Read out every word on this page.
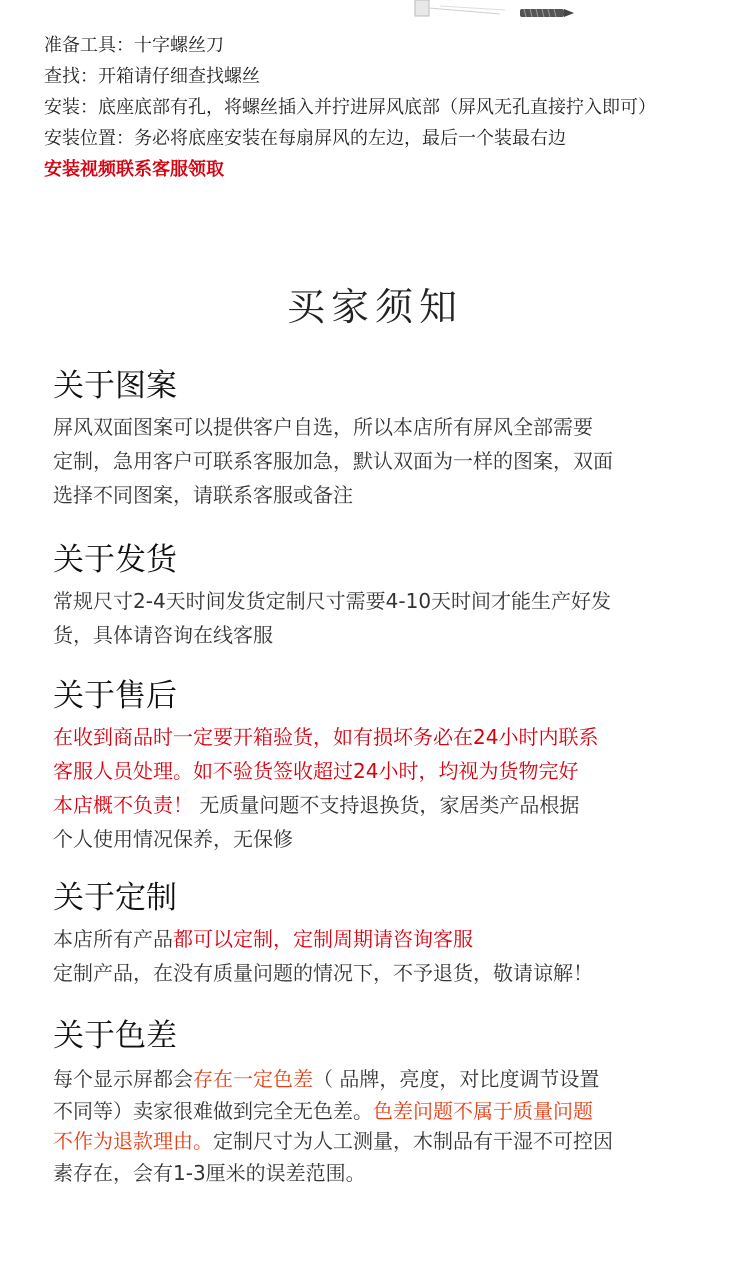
准备工具：十字螺丝刀
查找：开箱请仔细查找螺丝
安装：底座底部有孔，将螺丝插入并拧进屏风底部（屏风无孔直接拧入即可）
安装位置：务必将底座安装在每扇屏风的左边，最后一个装最右边
安装视频联系客服领取
买家须知
关于图案

屏风双面图案可以提供客户自选，所以本店所有屏风全部需要

定制，急用客户可联系客服加急，默认双面为一样的图案，双面

选择不同图案，请联系客服或备注

关于发货

常规尺寸2-4天时间发货定制尺寸需要4-10天时间才能生产好发

货，具体请咨询在线客服

关于售后

在收到商品时一定要开箱验货，如有损坏务必在24小时内联系

客服人员处理。如不验货签收超过24小时，均视为货物完好

本店概不负责！ 无质量问题不支持退换货，家居类产品根据

个人使用情况保养，无保修

关于定制

本店所有产品都可以定制，定制周期请咨询客服

定制产品，在没有质量问题的情况下，不予退货，敬请谅解！

关于色差

每个显示屏都会存在一定色差（ 品牌，亮度，对比度调节设置

不同等）卖家很难做到完全无色差。色差问题不属于质量问题

不作为退款理由。定制尺寸为人工测量，木制品有干湿不可控因

素存在，会有1-3厘米的误差范围。
